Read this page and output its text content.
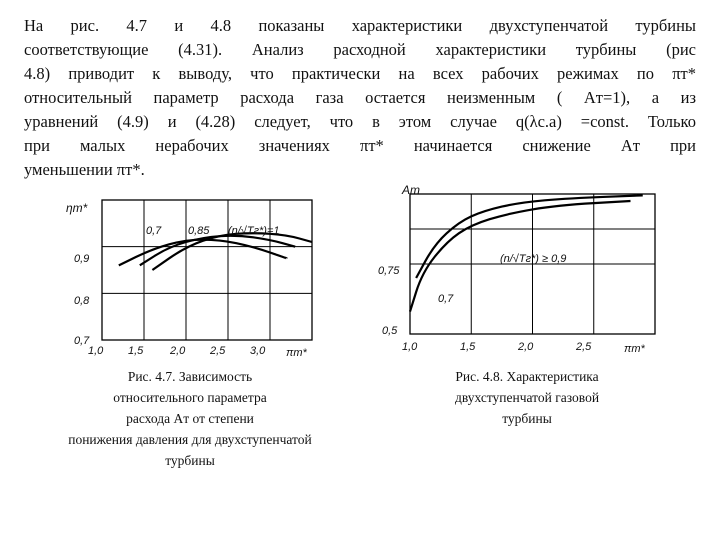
На рис. 4.7 и 4.8 показаны характеристики двухступенчатой турбины
соответствующие (4.31). Анализ расходной характеристики турбины (рис
4.8) приводит к выводу, что практически на всех рабочих режимах по πт*
относительный параметр расхода газа остается неизменным ( Aт=1), а из
уравнений (4.9) и (4.28) следует, что в этом случае q(λс.а) =const. Только
при малых нерабочих значениях πт* начинается снижение Aт при
уменьшении πт*.
ηт*
0,9
0,8
0,7
1,0 1,5 2,0 2,5 3,0 πт*
0,7 0,85 (n/√Tг*)=1
Рис. 4.7. Зависимость
относительного параметра
расхода Aт от степени
понижения давления для двухступенчатой
турбины
Aт
0,75
0,5
1,0	1,5	2,0	2,5	πт*
(n/√Tг*) ≥ 0,9
0,7
Рис. 4.8. Характеристика
двухступенчатой газовой
турбины
